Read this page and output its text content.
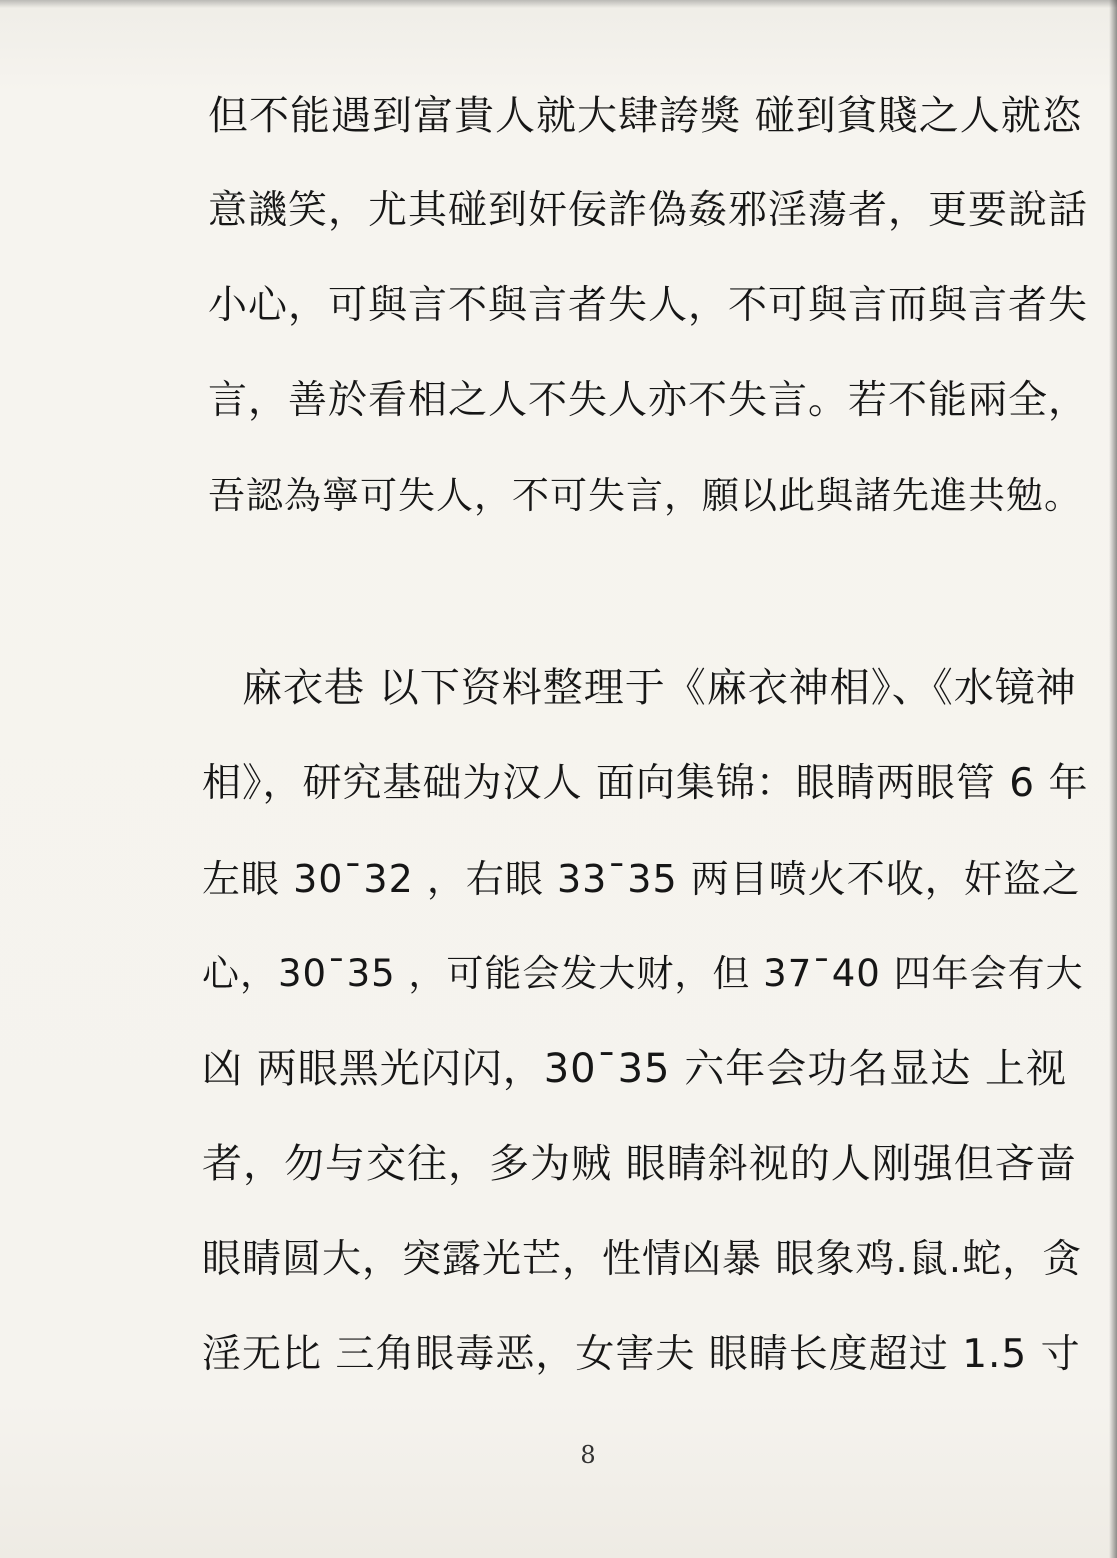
但不能遇到富貴人就大肆誇獎 碰到貧賤之人就恣

意譏笑，尤其碰到奸佞詐偽姦邪淫蕩者，更要說話

小心，可與言不與言者失人，不可與言而與言者失

言，善於看相之人不失人亦不失言。若不能兩全，

吾認為寧可失人，不可失言，願以此與諸先進共勉。

麻衣巷 以下资料整理于《麻衣神相》、《水镜神

相》，研究基础为汉人 面向集锦：眼睛两眼管 6 年

左眼 30¯32 ，右眼 33¯35 两目喷火不收，奸盗之

心，30¯35 ，可能会发大财，但 37¯40 四年会有大

凶 两眼黑光闪闪，30¯35 六年会功名显达 上视

者，勿与交往，多为贼 眼睛斜视的人刚强但吝啬

眼睛圆大，突露光芒，性情凶暴 眼象鸡.鼠.蛇，贪

淫无比 三角眼毒恶，女害夫 眼睛长度超过 1.5 寸

8
